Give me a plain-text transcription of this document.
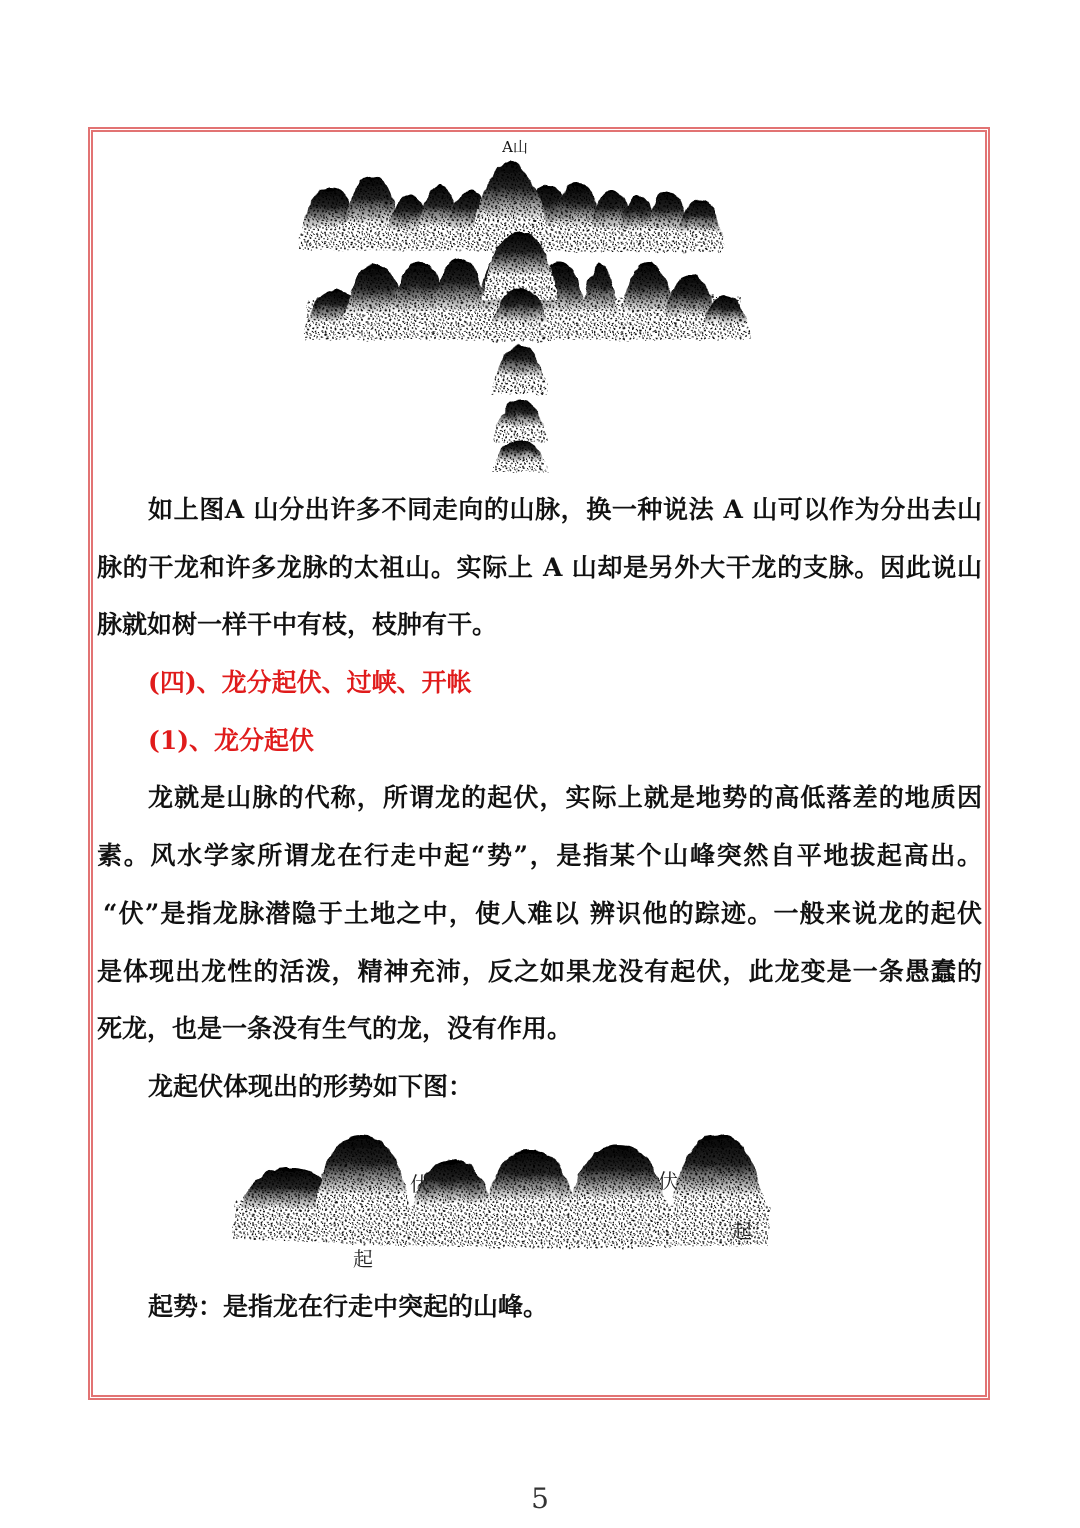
A山
如上图A 山分出许多不同走向的山脉，换一种说法 A 山可以作为分出去山
脉的干龙和许多龙脉的太祖山。实际上 A 山却是另外大干龙的支脉。因此说山
脉就如树一样干中有枝，枝肿有干。
(四)、龙分起伏、过峡、开帐
(1)、龙分起伏
龙就是山脉的代称，所谓龙的起伏，实际上就是地势的高低落差的地质因
素。风水学家所谓龙在行走中起“势”，是指某个山峰突然自平地拔起高出。
“伏”是指龙脉潜隐于土地之中，使人难以 辨识他的踪迹。一般来说龙的起伏
是体现出龙性的活泼，精神充沛，反之如果龙没有起伏，此龙变是一条愚蠢的
死龙，也是一条没有生气的龙，没有作用。
龙起伏体现出的形势如下图：
伏	伏
起
起
起势：是指龙在行走中突起的山峰。
5
